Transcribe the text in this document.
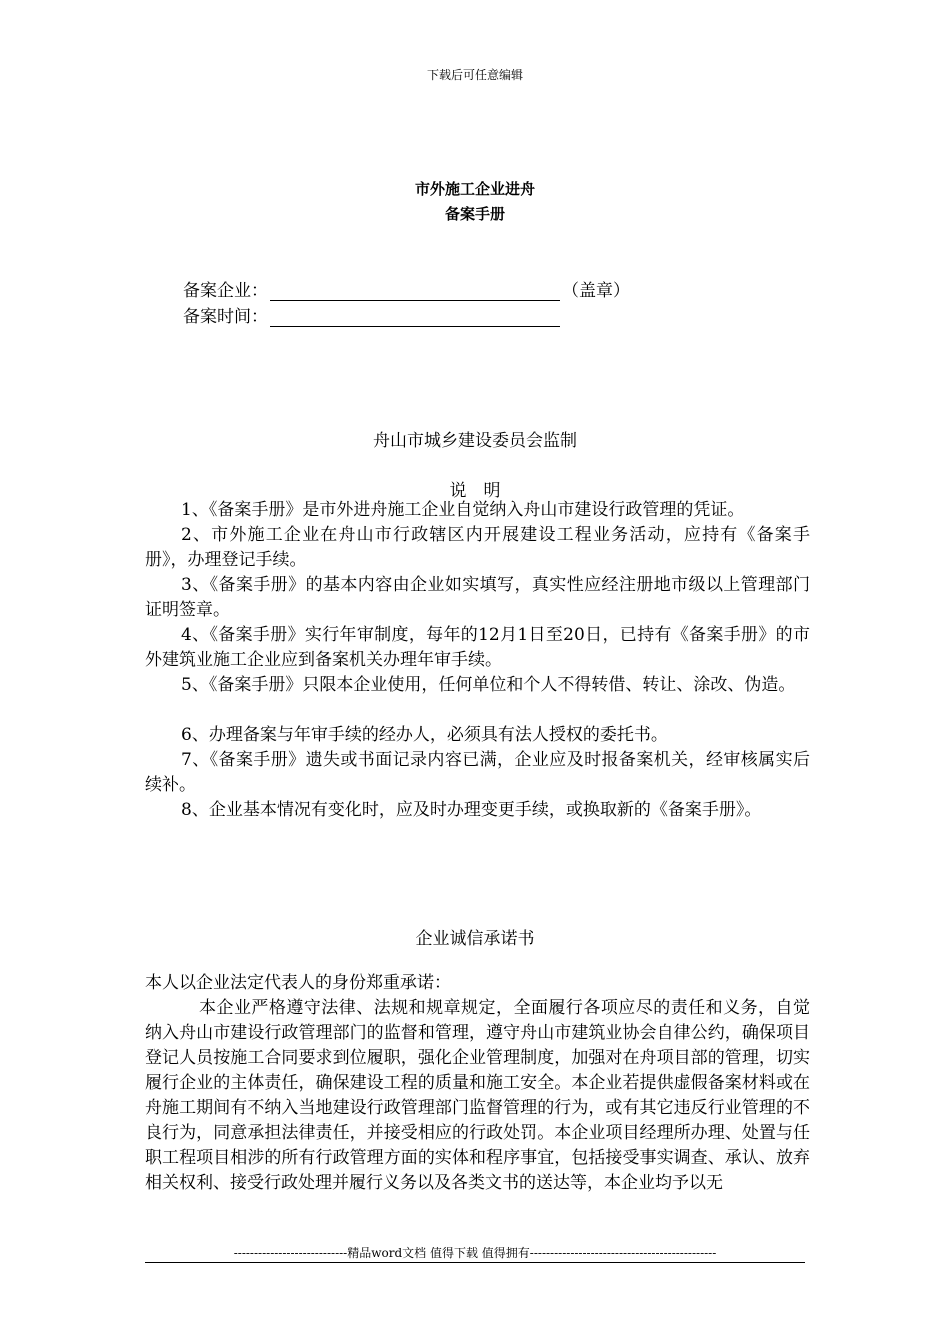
下载后可任意编辑
市外施工企业进舟
备案手册
备案企业：	（盖章）
备案时间：
舟山市城乡建设委员会监制
说　明
1、《备案手册》是市外进舟施工企业自觉纳入舟山市建设行政管理的凭证。
2、市外施工企业在舟山市行政辖区内开展建设工程业务活动，应持有《备案手册》，办理登记手续。
3、《备案手册》的基本内容由企业如实填写，真实性应经注册地市级以上管理部门证明签章。
4、《备案手册》实行年审制度，每年的12月1日至20日，已持有《备案手册》的市外建筑业施工企业应到备案机关办理年审手续。
5、《备案手册》只限本企业使用，任何单位和个人不得转借、转让、涂改、伪造。
6、办理备案与年审手续的经办人，必须具有法人授权的委托书。
7、《备案手册》遗失或书面记录内容已满，企业应及时报备案机关，经审核属实后续补。
8、企业基本情况有变化时，应及时办理变更手续，或换取新的《备案手册》。
企业诚信承诺书
本人以企业法定代表人的身份郑重承诺：
本企业严格遵守法律、法规和规章规定，全面履行各项应尽的责任和义务，自觉纳入舟山市建设行政管理部门的监督和管理，遵守舟山市建筑业协会自律公约，确保项目登记人员按施工合同要求到位履职，强化企业管理制度，加强对在舟项目部的管理，切实履行企业的主体责任，确保建设工程的质量和施工安全。本企业若提供虚假备案材料或在舟施工期间有不纳入当地建设行政管理部门监督管理的行为，或有其它违反行业管理的不良行为，同意承担法律责任，并接受相应的行政处罚。本企业项目经理所办理、处置与任职工程项目相涉的所有行政管理方面的实体和程序事宜，包括接受事实调查、承认、放弃相关权利、接受行政处理并履行义务以及各类文书的送达等，本企业均予以无
----------------------------精品word文档 值得下载 值得拥有----------------------------------------------
